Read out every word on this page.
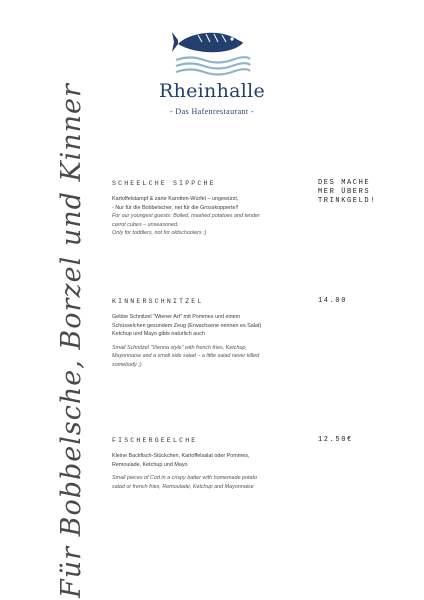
Rheinhalle
- Das Hafenrestaurant -
Für Bobbelsche, Borzel und Kinner	SCHEELCHE SIPPCHE

Kartoffelstampf & zarte Karotten-Würfel – ungewürzt,

- Nur für die Bobbelscher, net für die Grosskopperte!!

For our youngest guests: Boiled, mashed potatoes and tender

carrot cubes – unseasoned.

Only for toddlers, not for oldschoolers :)

DES MACHE
MER ÜBERS
TRINKGELD!
KINNERSCHNITZEL

Gebbe Schnitzel "Wiener Art" mit Pommes und einem

Schüsselchen gesundem Zeug (Erwachsene nennen es Salat)

Ketchup und Mayo gibts natürlich auch

Small Schnitzel "Vienna style" with french fries, Ketchup,

Mayonnaise and a small side salad – a little salad never killed

somebody ;)

14.00
FISCHERGEELCHE

Kleine Backfisch-Stückchen, Kartoffelsalat oder Pommes,

Remoulade, Ketchup und Mayo

Small pieces of Cod in a crispy batter with homemade potato

salad or french fries, Remoulade, Ketchup and Mayonnaise

12.50€
